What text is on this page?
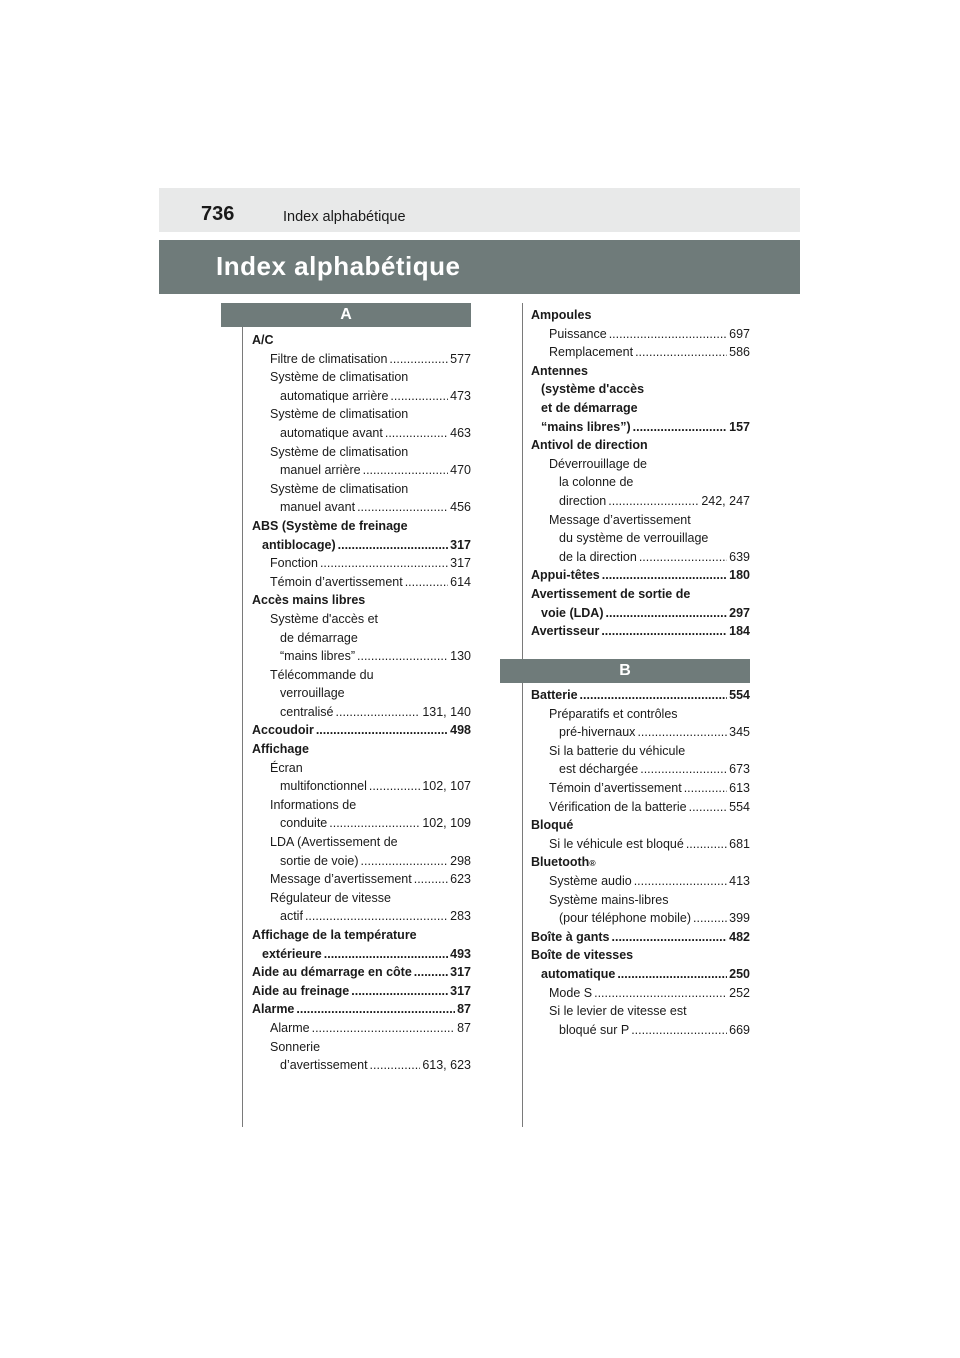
736	Index alphabétique
Index alphabétique
A
B
A/C
Filtre de climatisation .....	577
Système de climatisation
automatique arrière .....	473
Système de climatisation
automatique avant .....	463
Système de climatisation
manuel arrière .....	470
Système de climatisation
manuel avant .....	456
ABS (Système de freinage
antiblocage) .....	317
Fonction .....	317
Témoin d’avertissement .....	614
Accès mains libres
Système d'accès et
de démarrage
“mains libres” .....	130
Télécommande du
verrouillage
centralisé .....	131, 140
Accoudoir .....	498
Affichage
Écran
multifonctionnel .....	102, 107
Informations de
conduite .....	102, 109
LDA (Avertissement de
sortie de voie) .....	298
Message d’avertissement .....	623
Régulateur de vitesse
actif .....	283
Affichage de la température
extérieure .....	493
Aide au démarrage en côte .....	317
Aide au freinage .....	317
Alarme .....	87
Alarme .....	87
Sonnerie
d’avertissement .....	613, 623
Ampoules
Puissance .....	697
Remplacement .....	586
Antennes
(système d'accès
et de démarrage
“mains libres”) .....	157
Antivol de direction
Déverrouillage de
la colonne de
direction .....	242, 247
Message d’avertissement
du système de verrouillage
de la direction .....	639
Appui-têtes .....	180
Avertissement de sortie de
voie (LDA) .....	297
Avertisseur .....	184
Batterie .....	554
Préparatifs et contrôles
pré-hivernaux .....	345
Si la batterie du véhicule
est déchargée .....	673
Témoin d’avertissement .....	613
Vérification de la batterie .....	554
Bloqué
Si le véhicule est bloqué .....	681
Bluetooth ®
Système audio .....	413
Système mains-libres
(pour téléphone mobile) .....	399
Boîte à gants .....	482
Boîte de vitesses
automatique .....	250
Mode S .....	252
Si le levier de vitesse est
bloqué sur P .....	669
